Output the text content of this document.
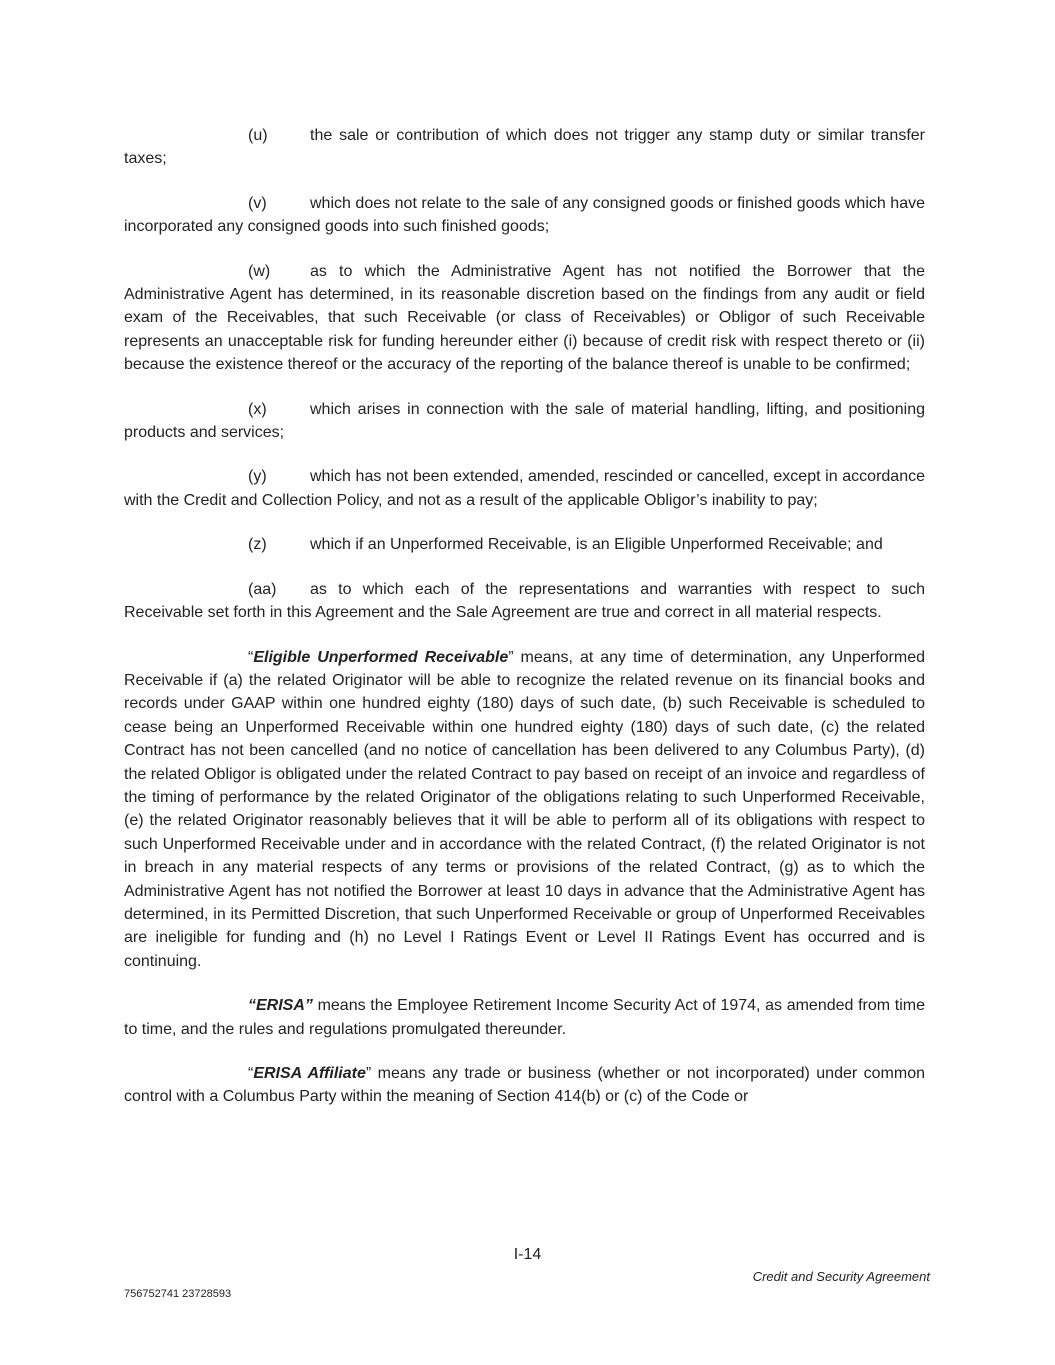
(u)	the sale or contribution of which does not trigger any stamp duty or similar transfer taxes;

(v)	which does not relate to the sale of any consigned goods or finished goods which have incorporated any consigned goods into such finished goods;

(w) as to which the Administrative Agent has not notified the Borrower that the Administrative Agent has determined, in its reasonable discretion based on the findings from any audit or field exam of the Receivables, that such Receivable (or class of Receivables) or Obligor of such Receivable represents an unacceptable risk for funding hereunder either (i) because of credit risk with respect thereto or (ii) because the existence thereof or the accuracy of the reporting of the balance thereof is unable to be confirmed;

(x)	which arises in connection with the sale of material handling, lifting, and positioning products and services;

(y)	which has not been extended, amended, rescinded or cancelled, except in accordance with the Credit and Collection Policy, and not as a result of the applicable Obligor’s inability to pay;

(z)	which if an Unperformed Receivable, is an Eligible Unperformed Receivable; and

(aa) as to which each of the representations and warranties with respect to such Receivable set forth in this Agreement and the Sale Agreement are true and correct in all material respects.

“Eligible Unperformed Receivable” means, at any time of determination, any Unperformed Receivable if (a) the related Originator will be able to recognize the related revenue on its financial books and records under GAAP within one hundred eighty (180) days of such date, (b) such Receivable is scheduled to cease being an Unperformed Receivable within one hundred eighty (180) days of such date, (c) the related Contract has not been cancelled (and no notice of cancellation has been delivered to any Columbus Party), (d) the related Obligor is obligated under the related Contract to pay based on receipt of an invoice and regardless of the timing of performance by the related Originator of the obligations relating to such Unperformed Receivable, (e) the related Originator reasonably believes that it will be able to perform all of its obligations with respect to such Unperformed Receivable under and in accordance with the related Contract, (f) the related Originator is not in breach in any material respects of any terms or provisions of the related Contract, (g) as to which the Administrative Agent has not notified the Borrower at least 10 days in advance that the Administrative Agent has determined, in its Permitted Discretion, that such Unperformed Receivable or group of Unperformed Receivables are ineligible for funding and (h) no Level I Ratings Event or Level II Ratings Event has occurred and is continuing.

“ERISA” means the Employee Retirement Income Security Act of 1974, as amended from time to time, and the rules and regulations promulgated thereunder.

“ERISA Affiliate” means any trade or business (whether or not incorporated) under common control with a Columbus Party within the meaning of Section 414(b) or (c) of the Code or

I-14
Credit and Security Agreement
756752741 23728593
